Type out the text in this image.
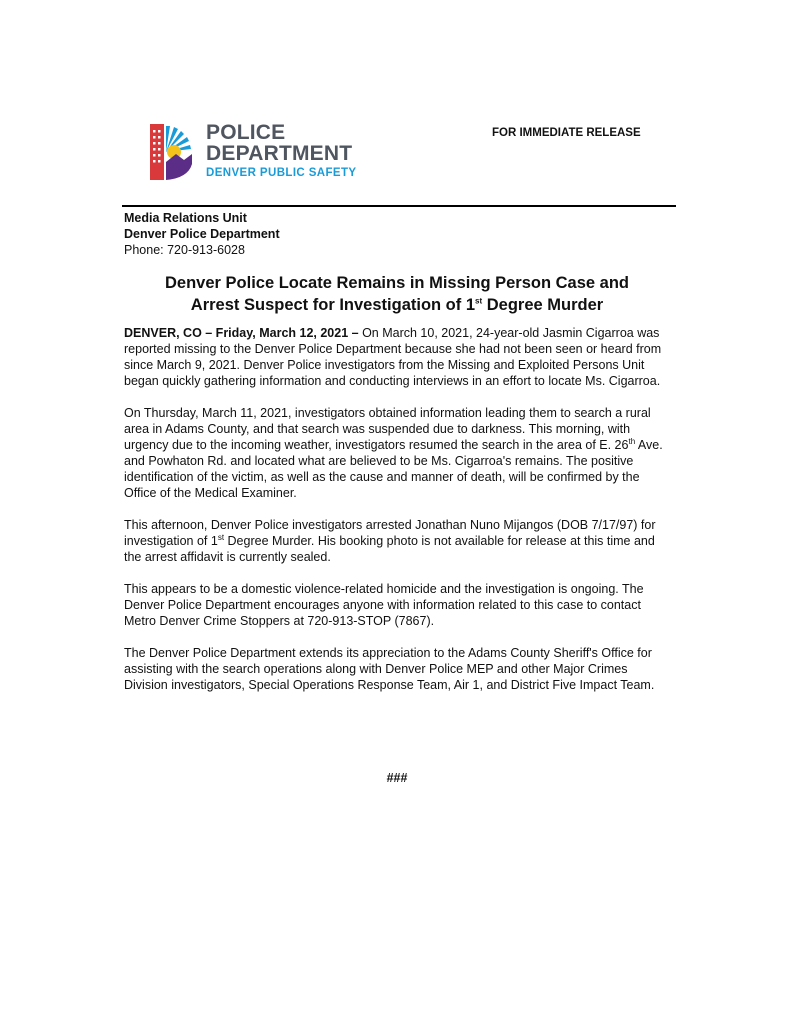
POLICE
DEPARTMENT
DENVER PUBLIC SAFETY
FOR IMMEDIATE RELEASE
Media Relations Unit
Denver Police Department
Phone: 720-913-6028
Denver Police Locate Remains in Missing Person Case and
Arrest Suspect for Investigation of 1st Degree Murder

DENVER, CO – Friday, March 12, 2021 – On March 10, 2021, 24-year-old Jasmin Cigarroa was reported missing to the Denver Police Department because she had not been seen or heard from since March 9, 2021. Denver Police investigators from the Missing and Exploited Persons Unit began quickly gathering information and conducting interviews in an effort to locate Ms. Cigarroa.

On Thursday, March 11, 2021, investigators obtained information leading them to search a rural area in Adams County, and that search was suspended due to darkness. This morning, with urgency due to the incoming weather, investigators resumed the search in the area of E. 26th Ave. and Powhaton Rd. and located what are believed to be Ms. Cigarroa's remains. The positive identification of the victim, as well as the cause and manner of death, will be confirmed by the Office of the Medical Examiner.

This afternoon, Denver Police investigators arrested Jonathan Nuno Mijangos (DOB 7/17/97) for investigation of 1st Degree Murder. His booking photo is not available for release at this time and the arrest affidavit is currently sealed.

This appears to be a domestic violence-related homicide and the investigation is ongoing. The Denver Police Department encourages anyone with information related to this case to contact Metro Denver Crime Stoppers at 720-913-STOP (7867).

The Denver Police Department extends its appreciation to the Adams County Sheriff's Office for assisting with the search operations along with Denver Police MEP and other Major Crimes Division investigators, Special Operations Response Team, Air 1, and District Five Impact Team.

###
